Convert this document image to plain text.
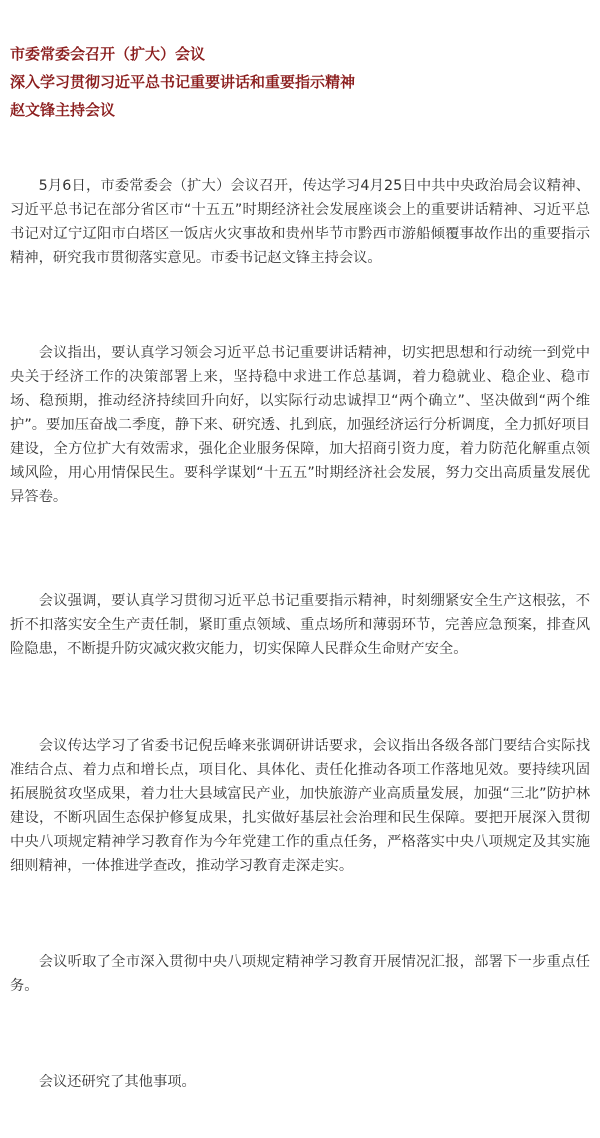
市委常委会召开（扩大）会议
深入学习贯彻习近平总书记重要讲话和重要指示精神
赵文锋主持会议

5月6日，市委常委会（扩大）会议召开，传达学习4月25日中共中央政治局会议精神、习近平总书记在部分省区市“十五五”时期经济社会发展座谈会上的重要讲话精神、习近平总书记对辽宁辽阳市白塔区一饭店火灾事故和贵州毕节市黔西市游船倾覆事故作出的重要指示精神，研究我市贯彻落实意见。市委书记赵文锋主持会议。

会议指出，要认真学习领会习近平总书记重要讲话精神，切实把思想和行动统一到党中央关于经济工作的决策部署上来，坚持稳中求进工作总基调，着力稳就业、稳企业、稳市场、稳预期，推动经济持续回升向好，以实际行动忠诚捍卫“两个确立”、坚决做到“两个维护”。要加压奋战二季度，静下来、研究透、扎到底，加强经济运行分析调度，全力抓好项目建设，全方位扩大有效需求，强化企业服务保障，加大招商引资力度，着力防范化解重点领域风险，用心用情保民生。要科学谋划“十五五”时期经济社会发展，努力交出高质量发展优异答卷。

会议强调，要认真学习贯彻习近平总书记重要指示精神，时刻绷紧安全生产这根弦，不折不扣落实安全生产责任制，紧盯重点领域、重点场所和薄弱环节，完善应急预案，排查风险隐患，不断提升防灾减灾救灾能力，切实保障人民群众生命财产安全。

会议传达学习了省委书记倪岳峰来张调研讲话要求，会议指出各级各部门要结合实际找准结合点、着力点和增长点，项目化、具体化、责任化推动各项工作落地见效。要持续巩固拓展脱贫攻坚成果，着力壮大县域富民产业，加快旅游产业高质量发展，加强“三北”防护林建设，不断巩固生态保护修复成果，扎实做好基层社会治理和民生保障。要把开展深入贯彻中央八项规定精神学习教育作为今年党建工作的重点任务，严格落实中央八项规定及其实施细则精神，一体推进学查改，推动学习教育走深走实。

会议听取了全市深入贯彻中央八项规定精神学习教育开展情况汇报，部署下一步重点任务。

会议还研究了其他事项。
